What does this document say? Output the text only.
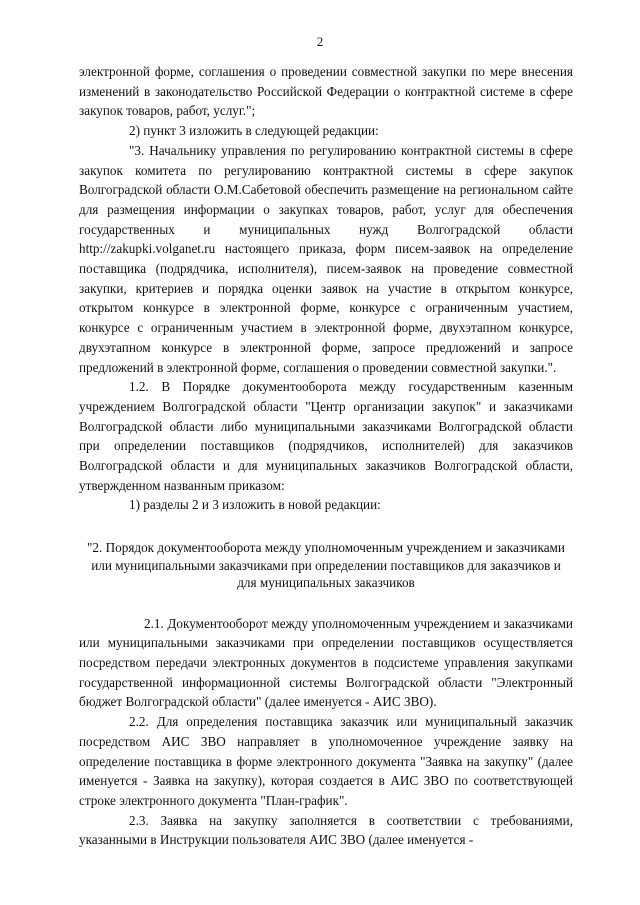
2

электронной форме, соглашения о проведении совместной закупки по мере внесения изменений в законодательство Российской Федерации о контрактной системе в сфере закупок товаров, работ, услуг.";

2) пункт 3 изложить в следующей редакции:

"3. Начальнику управления по регулированию контрактной системы в сфере закупок комитета по регулированию контрактной системы в сфере закупок Волгоградской области О.М.Сабетовой обеспечить размещение на региональном сайте для размещения информации о закупках товаров, работ, услуг для обеспечения государственных и муниципальных нужд Волгоградской области http://zakupki.volganet.ru настоящего приказа, форм писем-заявок на определение поставщика (подрядчика, исполнителя), писем-заявок на проведение совместной закупки, критериев и порядка оценки заявок на участие в открытом конкурсе, открытом конкурсе в электронной форме, конкурсе с ограниченным участием, конкурсе с ограниченным участием в электронной форме, двухэтапном конкурсе, двухэтапном конкурсе в электронной форме, запросе предложений и запросе предложений в электронной форме, соглашения о проведении совместной закупки.".

1.2. В Порядке документооборота между государственным казенным учреждением Волгоградской области "Центр организации закупок" и заказчиками Волгоградской области либо муниципальными заказчиками Волгоградской области при определении поставщиков (подрядчиков, исполнителей) для заказчиков Волгоградской области и для муниципальных заказчиков Волгоградской области, утвержденном названным приказом:

1) разделы 2 и 3 изложить в новой редакции:

"2. Порядок документооборота между уполномоченным учреждением и заказчиками или муниципальными заказчиками при определении поставщиков для заказчиков и для муниципальных заказчиков

2.1. Документооборот между уполномоченным учреждением и заказчиками или муниципальными заказчиками при определении поставщиков осуществляется посредством передачи электронных документов в подсистеме управления закупками государственной информационной системы Волгоградской области "Электронный бюджет Волгоградской области" (далее именуется - АИС ЗВО).

2.2. Для определения поставщика заказчик или муниципальный заказчик посредством АИС ЗВО направляет в уполномоченное учреждение заявку на определение поставщика в форме электронного документа "Заявка на закупку" (далее именуется - Заявка на закупку), которая создается в АИС ЗВО по соответствующей строке электронного документа "План-график".

2.3. Заявка на закупку заполняется в соответствии с требованиями, указанными в Инструкции пользователя АИС ЗВО (далее именуется -
